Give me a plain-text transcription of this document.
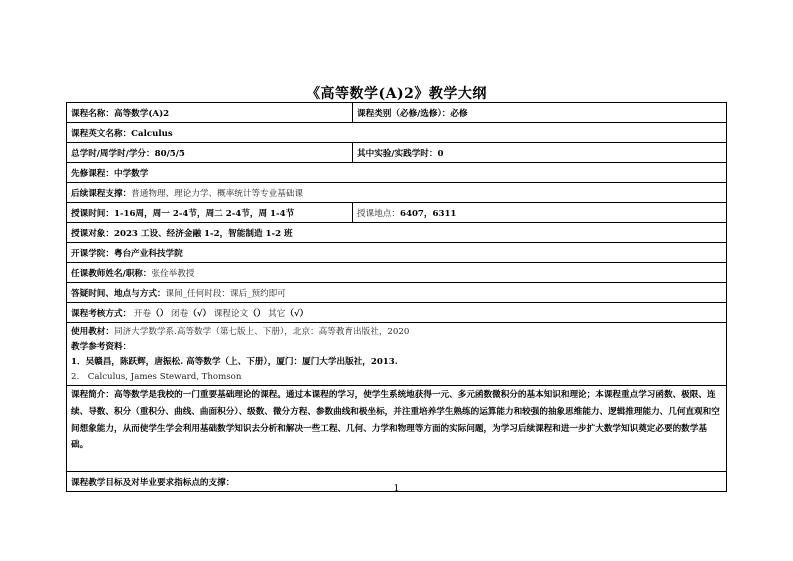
《高等数学(A)2》教学大纲
课程名称：高等数学(A)2	课程类别（必修/选修）：必修
课程英文名称：Calculus	
总学时/周学时/学分：80/5/5	其中实验/实践学时：0
先修课程：中学数学	
后续课程支撑：普通物理、理论力学、概率统计等专业基础课	
授课时间：1-16周，周一 2-4节，周二 2-4节，周 1-4节	授课地点：6407，6311
授课对象：2023 工设、经济金融 1-2，智能制造 1-2 班	
开课学院：粤台产业科技学院	
任课教师姓名/职称：张佺举教授	
答疑时间、地点与方式：课间_任何时段：课后_预约即可	
课程考核方式： 开卷（） 闭卷（√） 课程论文（） 其它（√）	

使用教材：同济大学数学系.高等数学（第七版上、下册），北京：高等教育出版社，2020
教学参考资料：
1．吴赣昌，陈跃辉，唐振松. 高等数学（上、下册），厦门：厦门大学出版社，2013.
2.　Calculus, James Steward, Thomson	

课程简介：高等数学是我校的一门重要基础理论的课程。通过本课程的学习，使学生系统地获得一元、多元函数微积分的基本知识和理论；本课程重点学习函数、极限、连续、导数、积分（重积分、曲线、曲面积分）、级数、微分方程、参数曲线和极坐标，并注重培养学生熟练的运算能力和较强的抽象思维能力、逻辑推理能力、几何直观和空间想象能力，从而使学生学会利用基础数学知识去分析和解决一些工程、几何、力学和物理等方面的实际问题，为学习后续课程和进一步扩大数学知识奠定必要的数学基础。	
课程教学目标及对毕业要求指标点的支撑：	
1
